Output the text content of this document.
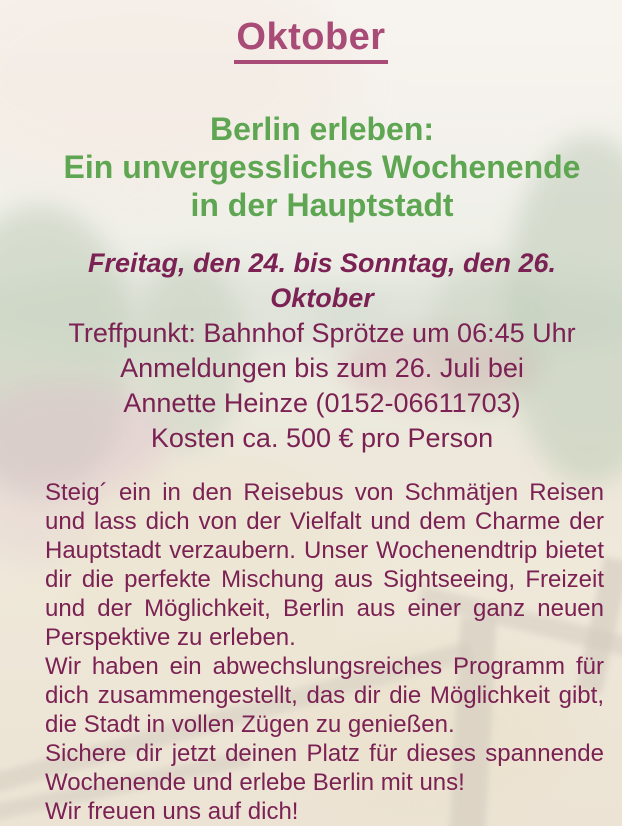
Oktober
Berlin erleben:
Ein unvergessliches Wochenende
in der Hauptstadt
Freitag, den 24. bis Sonntag, den 26.
Oktober
Treffpunkt: Bahnhof Sprötze um 06:45 Uhr
Anmeldungen bis zum 26. Juli bei
Annette Heinze (0152-06611703)
Kosten ca. 500 € pro Person

Steig´ ein in den Reisebus von Schmätjen Reisen und lass dich von der Vielfalt und dem Charme der Hauptstadt verzaubern. Unser Wochenendtrip bietet dir die perfekte Mischung aus Sightseeing, Freizeit und der Möglichkeit, Berlin aus einer ganz neuen Perspektive zu erleben.

Wir haben ein abwechslungsreiches Programm für dich zusammengestellt, das dir die Möglichkeit gibt, die Stadt in vollen Zügen zu genießen.

Sichere dir jetzt deinen Platz für dieses spannende Wochenende und erlebe Berlin mit uns!

Wir freuen uns auf dich!
